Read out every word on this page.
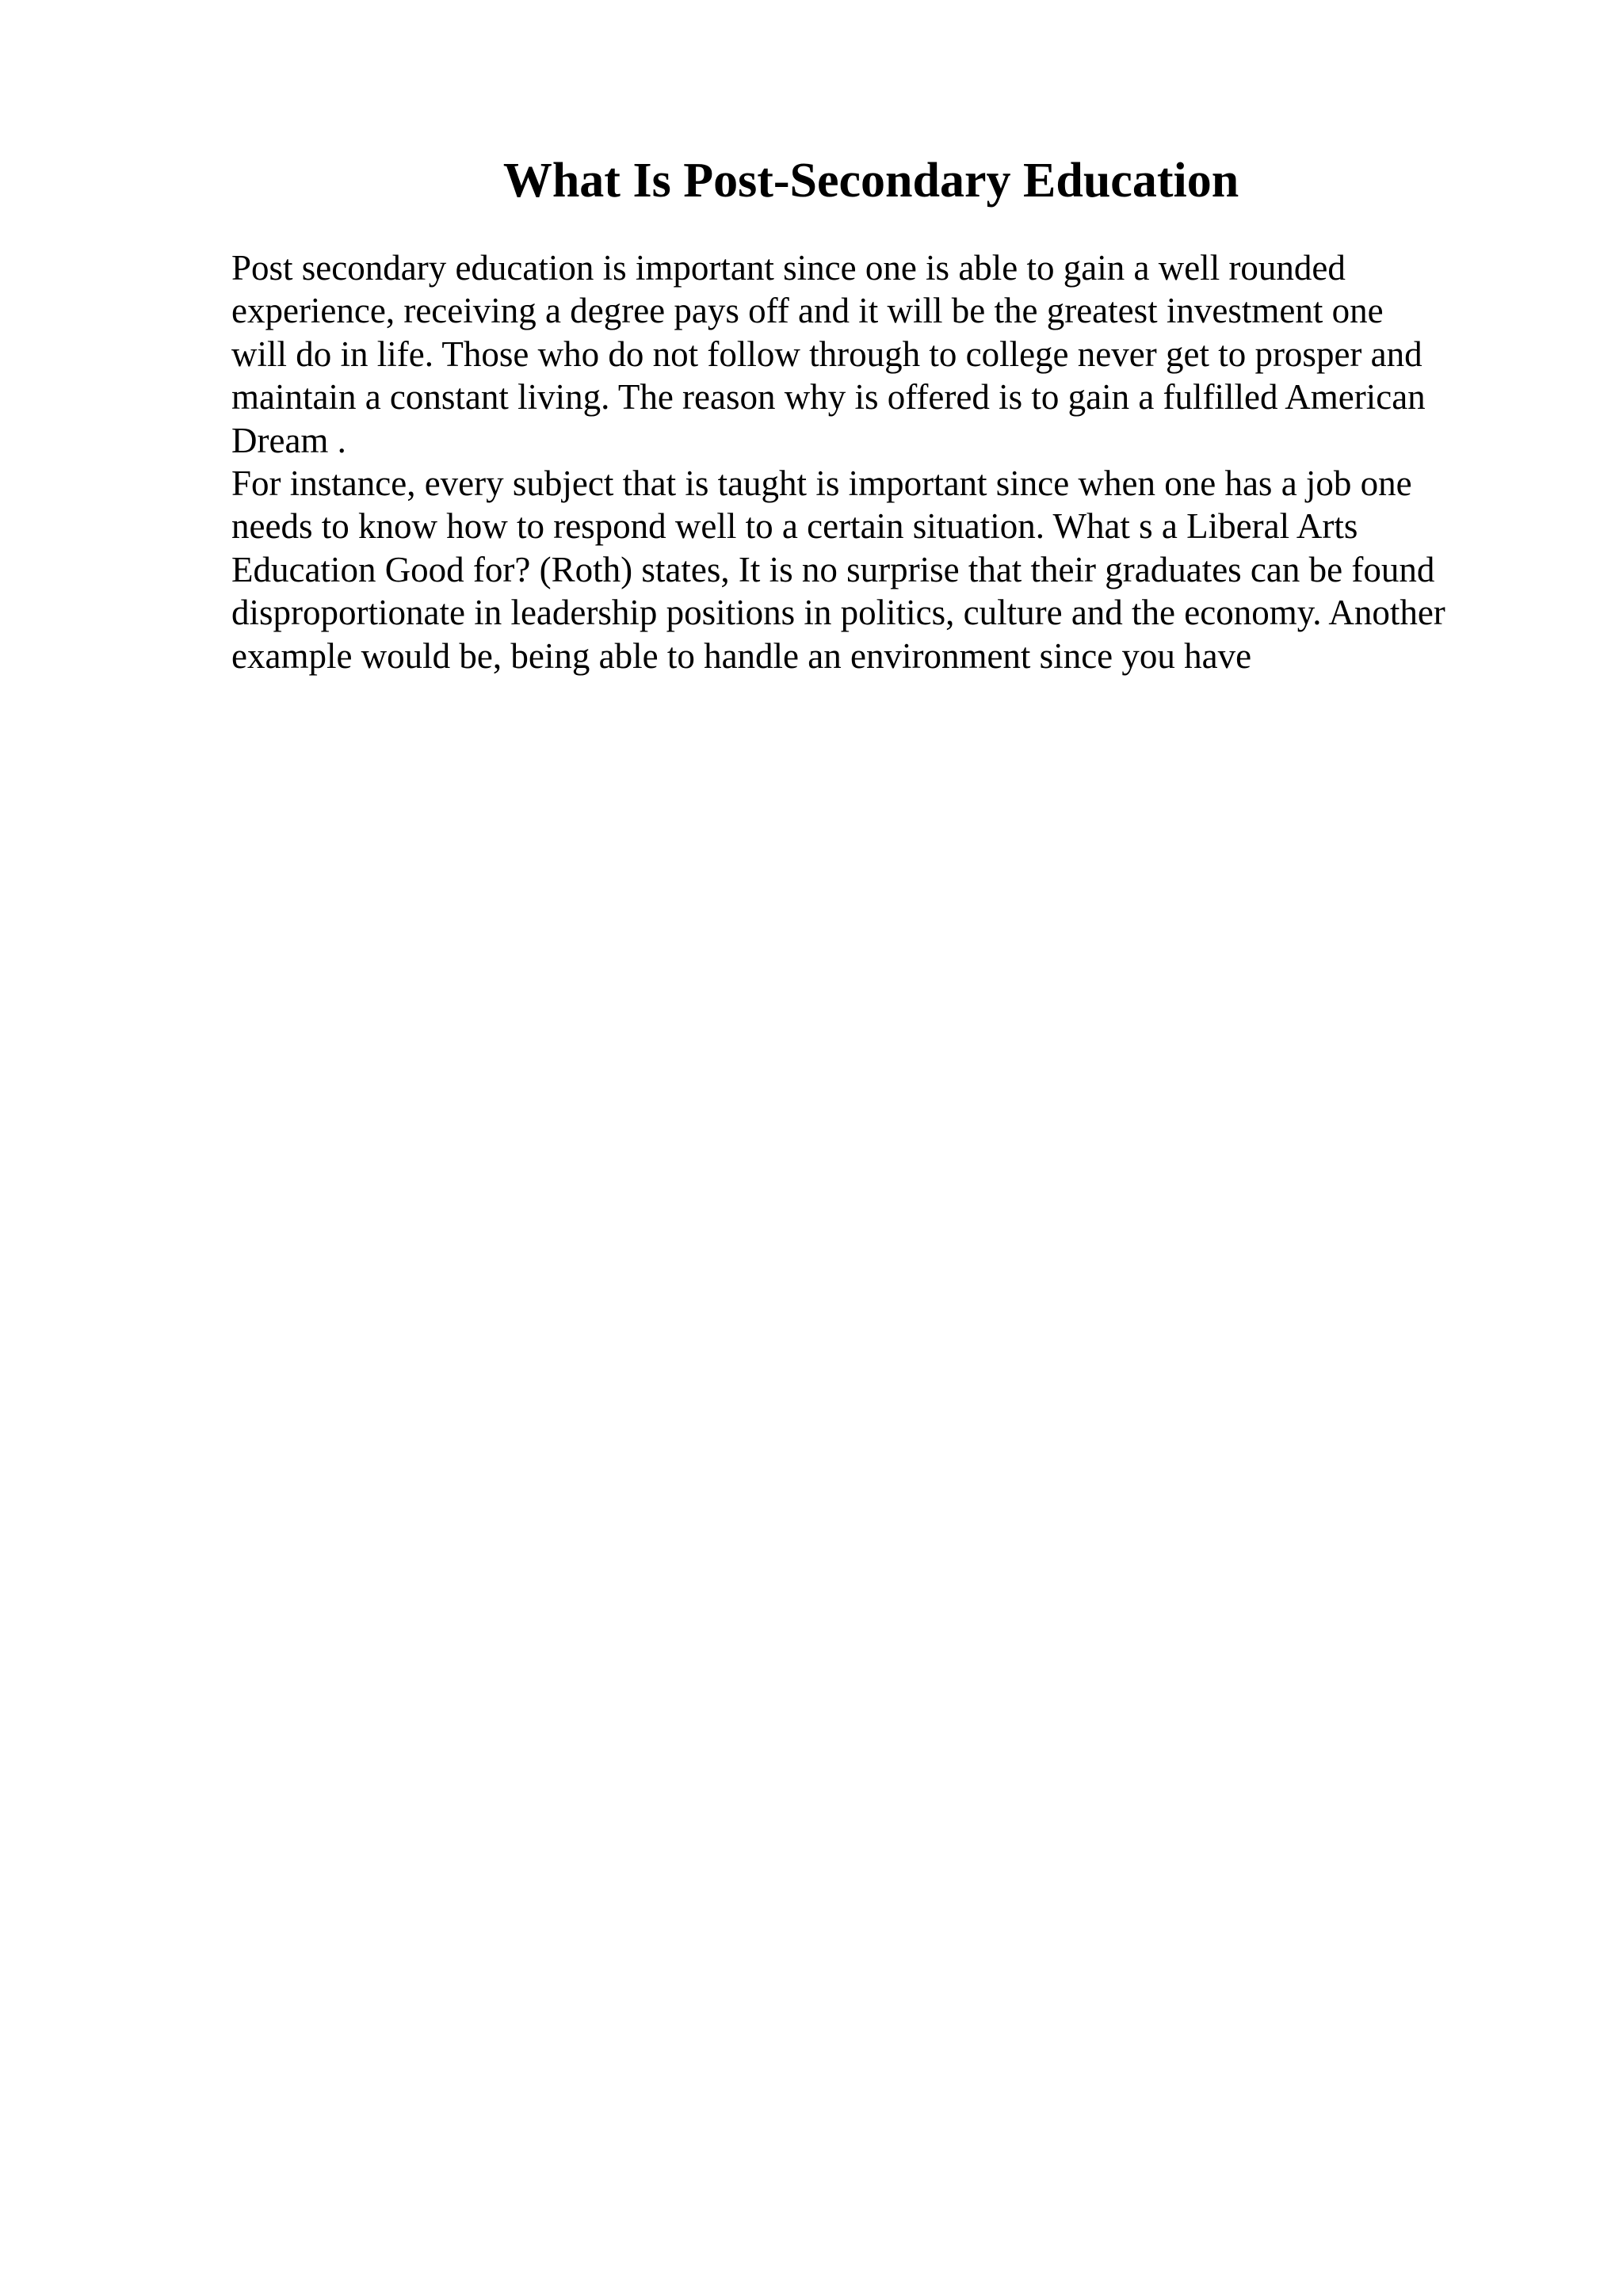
What Is Post-Secondary Education
Post secondary education is important since one is able to gain a well rounded
experience, receiving a degree pays off and it will be the greatest investment one
will do in life. Those who do not follow through to college never get to prosper and
maintain a constant living. The reason why is offered is to gain a fulfilled American
Dream .
For instance, every subject that is taught is important since when one has a job one
needs to know how to respond well to a certain situation. What s a Liberal Arts
Education Good for? (Roth) states, It is no surprise that their graduates can be found
disproportionate in leadership positions in politics, culture and the economy. Another
example would be, being able to handle an environment since you have
